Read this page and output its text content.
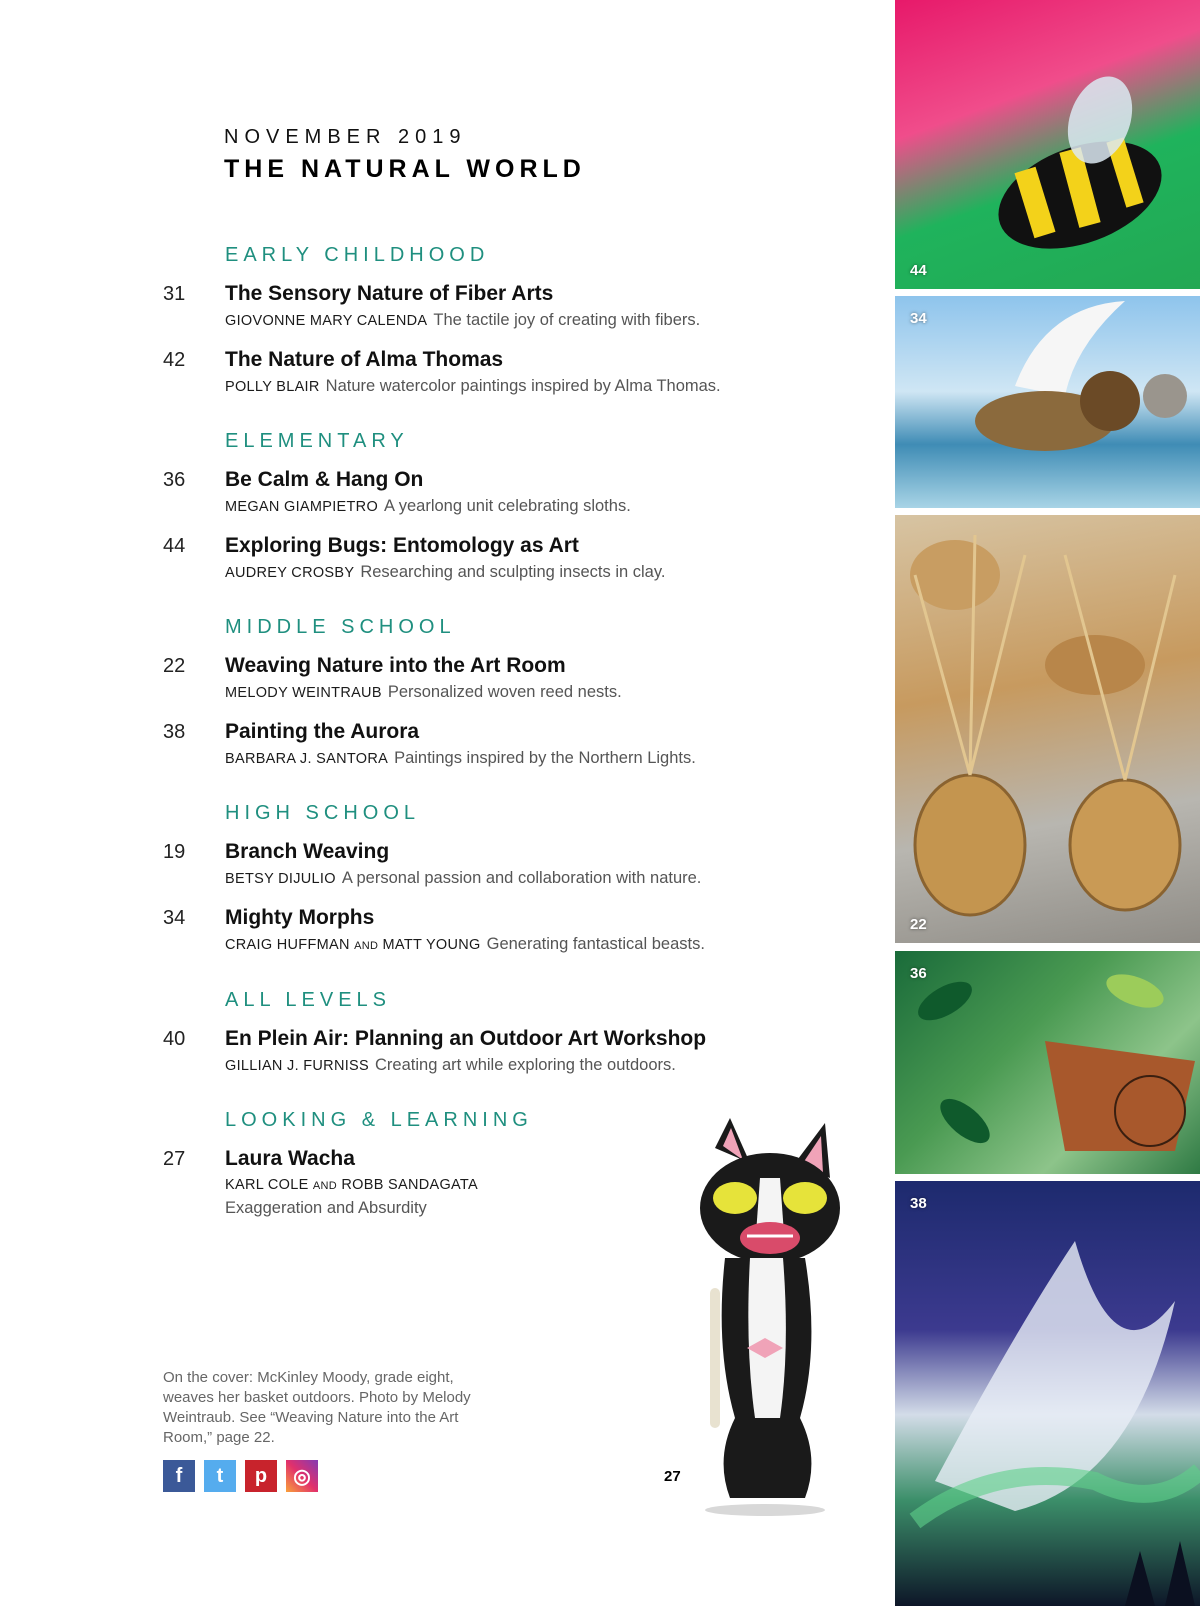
NOVEMBER 2019
THE NATURAL WORLD
EARLY CHILDHOOD
31 The Sensory Nature of Fiber Arts
GIOVONNE MARY CALENDA The tactile joy of creating with fibers.
42 The Nature of Alma Thomas
POLLY BLAIR Nature watercolor paintings inspired by Alma Thomas.
ELEMENTARY
36 Be Calm & Hang On
MEGAN GIAMPIETRO A yearlong unit celebrating sloths.
44 Exploring Bugs: Entomology as Art
AUDREY CROSBY Researching and sculpting insects in clay.
MIDDLE SCHOOL
22 Weaving Nature into the Art Room
MELODY WEINTRAUB Personalized woven reed nests.
38 Painting the Aurora
BARBARA J. SANTORA Paintings inspired by the Northern Lights.
HIGH SCHOOL
19 Branch Weaving
BETSY DIJULIO A personal passion and collaboration with nature.
34 Mighty Morphs
CRAIG HUFFMAN AND MATT YOUNG Generating fantastical beasts.
ALL LEVELS
40 En Plein Air: Planning an Outdoor Art Workshop
GILLIAN J. FURNISS Creating art while exploring the outdoors.
LOOKING & LEARNING
27 Laura Wacha
KARL COLE AND ROBB SANDAGATA
Exaggeration and Absurdity
On the cover: McKinley Moody, grade eight, weaves her basket outdoors. Photo by Melody Weintraub. See “Weaving Nature into the Art Room,” page 22.
f	t	p	◎	27
44
34
22
36
38
